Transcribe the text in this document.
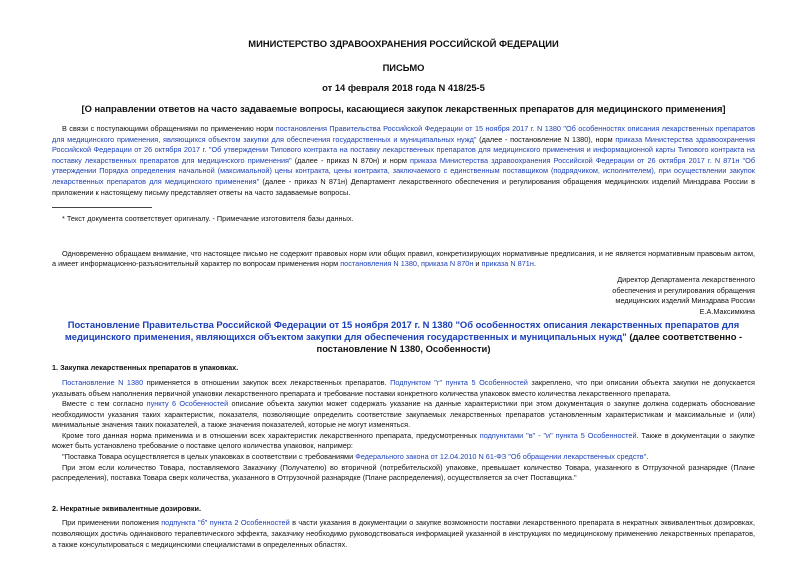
МИНИСТЕРСТВО ЗДРАВООХРАНЕНИЯ РОССИЙСКОЙ ФЕДЕРАЦИИ
ПИСЬМО
от 14 февраля 2018 года N 418/25-5
[О направлении ответов на часто задаваемые вопросы, касающиеся закупок лекарственных препаратов для медицинского применения]

В связи с поступающими обращениями по применению норм постановления Правительства Российской Федерации от 15 ноября 2017 г. N 1380 "Об особенностях описания лекарственных препаратов для медицинского применения, являющихся объектом закупки для обеспечения государственных и муниципальных нужд" (далее - постановление N 1380), норм приказа Министерства здравоохранения Российской Федерации от 26 октября 2017 г. "Об утверждении Типового контракта на поставку лекарственных препаратов для медицинского применения и информационной карты Типового контракта на поставку лекарственных препаратов для медицинского применения" (далее - приказ N 870н) и норм приказа Министерства здравоохранения Российской Федерации от 26 октября 2017 г. N 871н "Об утверждении Порядка определения начальной (максимальной) цены контракта, цены контракта, заключаемого с единственным поставщиком (подрядчиком, исполнителем), при осуществлении закупок лекарственных препаратов для медицинского применения" (далее - приказ N 871н) Департамент лекарственного обеспечения и регулирования обращения медицинских изделий Минздрава России в приложении к настоящему письму представляет ответы на часто задаваемые вопросы.

* Текст документа соответствует оригиналу. - Примечание изготовителя базы данных.

Одновременно обращаем внимание, что настоящее письмо не содержит правовых норм или общих правил, конкретизирующих нормативные предписания, и не является нормативным правовым актом, а имеет информационно-разъяснительный характер по вопросам применения норм постановления N 1380, приказа N 870н и приказа N 871н.

Директор Департамента лекарственного
обеспечения и регулирования обращения
медицинских изделий Минздрава России
Е.А.Максимкина
Постановление Правительства Российской Федерации от 15 ноября 2017 г. N 1380 "Об особенностях описания лекарственных препаратов для медицинского применения, являющихся объектом закупки для обеспечения государственных и муниципальных нужд" (далее соответственно - постановление N 1380, Особенности)
1. Закупка лекарственных препаратов в упаковках.

Постановление N 1380 применяется в отношении закупок всех лекарственных препаратов. Подпунктом "г" пункта 5 Особенностей закреплено, что при описании объекта закупки не допускается указывать объем наполнения первичной упаковки лекарственного препарата и требование поставки конкретного количества упаковок вместо количества лекарственного препарата.

Вместе с тем согласно пункту 6 Особенностей описание объекта закупки может содержать указание на данные характеристики при этом документация о закупке должна содержать обоснование необходимости указания таких характеристик, показателя, позволяющие определить соответствие закупаемых лекарственных препаратов установленным характеристикам и максимальные и (или) минимальные значения таких показателей, а также значения показателей, которые не могут изменяться.

Кроме того данная норма применима и в отношении всех характеристик лекарственного препарата, предусмотренных подпунктами "в" - "и" пункта 5 Особенностей. Также в документации о закупке может быть установлено требование о поставке целого количества упаковок, например:

"Поставка Товара осуществляется в целых упаковках в соответствии с требованиями Федерального закона от 12.04.2010 N 61-ФЗ "Об обращении лекарственных средств".

При этом если количество Товара, поставляемого Заказчику (Получателю) во вторичной (потребительской) упаковке, превышает количество Товара, указанного в Отгрузочной разнарядке (Плане распределения), поставка Товара сверх количества, указанного в Отгрузочной разнарядке (Плане распределения), осуществляется за счет Поставщика."

2. Некратные эквивалентные дозировки.

При применении положения подпункта "б" пункта 2 Особенностей в части указания в документации о закупке возможности поставки лекарственного препарата в некратных эквивалентных дозировках, позволяющих достичь одинакового терапевтического эффекта, заказчику необходимо руководствоваться информацией указанной в инструкциях по медицинскому применению лекарственных препаратов, а также консультироваться с медицинскими специалистами в определенных областях.
